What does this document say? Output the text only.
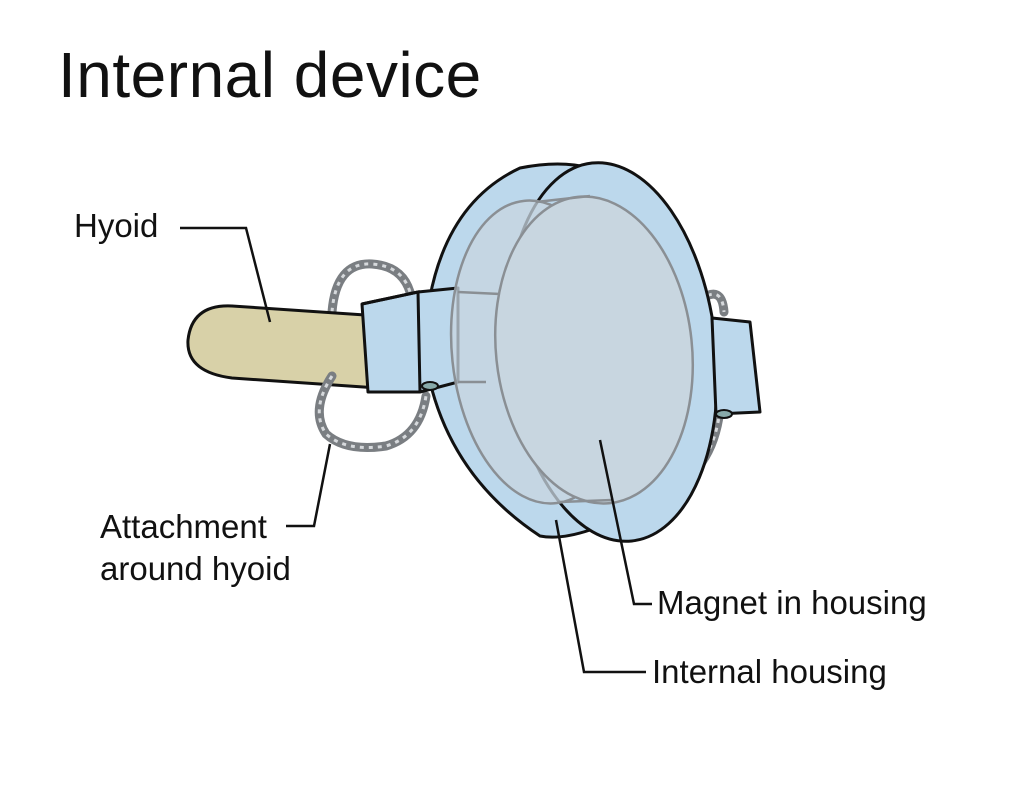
Internal device
Hyoid
Attachment
around hyoid
Magnet in housing
Internal housing
